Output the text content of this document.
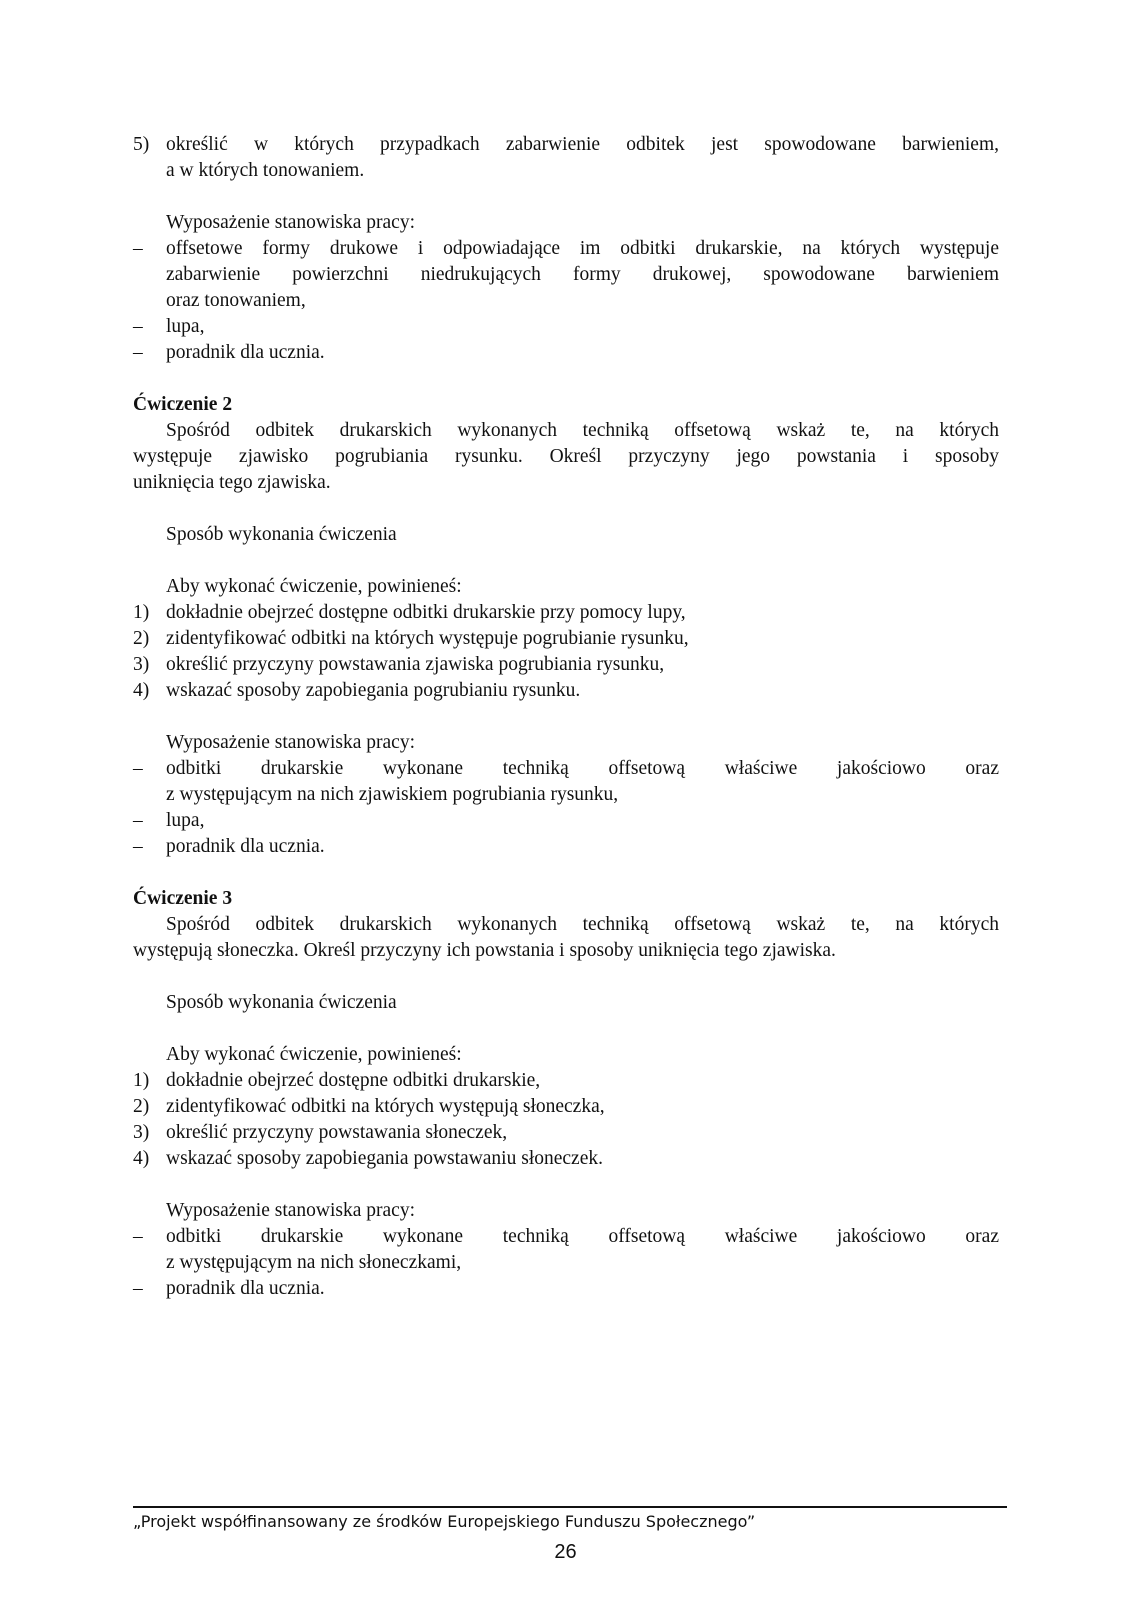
5) określić w których przypadkach zabarwienie odbitek jest spowodowane barwieniem,
a w których tonowaniem.
Wyposażenie stanowiska pracy:
– offsetowe formy drukowe i odpowiadające im odbitki drukarskie, na których występuje
zabarwienie powierzchni niedrukujących formy drukowej, spowodowane barwieniem
oraz tonowaniem,
– lupa,
– poradnik dla ucznia.
Ćwiczenie 2
Spośród odbitek drukarskich wykonanych techniką offsetową wskaż te, na których
występuje zjawisko pogrubiania rysunku. Określ przyczyny jego powstania i sposoby
uniknięcia tego zjawiska.
Sposób wykonania ćwiczenia
Aby wykonać ćwiczenie, powinieneś:
1) dokładnie obejrzeć dostępne odbitki drukarskie przy pomocy lupy,
2) zidentyfikować odbitki na których występuje pogrubianie rysunku,
3) określić przyczyny powstawania zjawiska pogrubiania rysunku,
4) wskazać sposoby zapobiegania pogrubianiu rysunku.
Wyposażenie stanowiska pracy:
– odbitki drukarskie wykonane techniką offsetową właściwe jakościowo oraz
z występującym na nich zjawiskiem pogrubiania rysunku,
– lupa,
– poradnik dla ucznia.
Ćwiczenie 3
Spośród odbitek drukarskich wykonanych techniką offsetową wskaż te, na których
występują słoneczka. Określ przyczyny ich powstania i sposoby uniknięcia tego zjawiska.
Sposób wykonania ćwiczenia
Aby wykonać ćwiczenie, powinieneś:
1) dokładnie obejrzeć dostępne odbitki drukarskie,
2) zidentyfikować odbitki na których występują słoneczka,
3) określić przyczyny powstawania słoneczek,
4) wskazać sposoby zapobiegania powstawaniu słoneczek.
Wyposażenie stanowiska pracy:
– odbitki drukarskie wykonane techniką offsetową właściwe jakościowo oraz
z występującym na nich słoneczkami,
– poradnik dla ucznia.
„Projekt współfinansowany ze środków Europejskiego Funduszu Społecznego”
26
